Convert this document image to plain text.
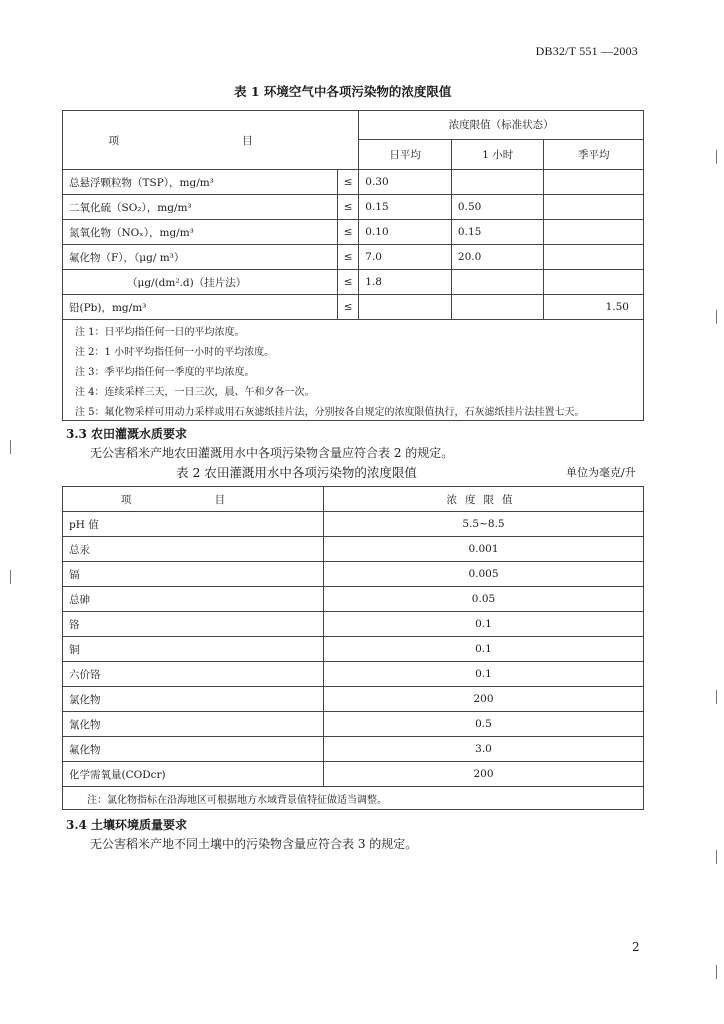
DB32/T 551 —2003
表 1 环境空气中各项污染物的浓度限值
项 目		浓度限值（标准状态）		
		日平均	1 小时	季平均
总悬浮颗粒物（TSP），mg/m³	≤	0.30		
二氧化硫（SO₂），mg/m³	≤	0.15	0.50	
氮氧化物（NOₓ），mg/m³	≤	0.10	0.15	
氟化物（F），（μg/ m³）	≤	7.0	20.0	
（μg/(dm².d)（挂片法）	≤	1.8		
铅(Pb)，mg/m³	≤			1.50
注 1：日平均指任何一日的平均浓度。				
注 2：1 小时平均指任何一小时的平均浓度。				
注 3：季平均指任何一季度的平均浓度。				
注 4：连续采样三天，一日三次，晨、午和夕各一次。				
注 5：氟化物采样可用动力采样或用石灰滤纸挂片法，分别按各自规定的浓度限值执行，石灰滤纸挂片法挂置七天。				
3.3 农田灌溉水质要求
无公害稻米产地农田灌溉用水中各项污染物含量应符合表 2 的规定。
表 2 农田灌溉用水中各项污染物的浓度限值	单位为毫克/升
项 目	浓度限值
pH 值	5.5~8.5
总汞	0.001
镉	0.005
总砷	0.05
铬	0.1
铜	0.1
六价铬	0.1
氯化物	200
氰化物	0.5
氟化物	3.0
化学需氧量(CODcr)	200
注：氯化物指标在沿海地区可根据地方水域背景值特征做适当调整。	
3.4 土壤环境质量要求
无公害稻米产地不同土壤中的污染物含量应符合表 3 的规定。
2
